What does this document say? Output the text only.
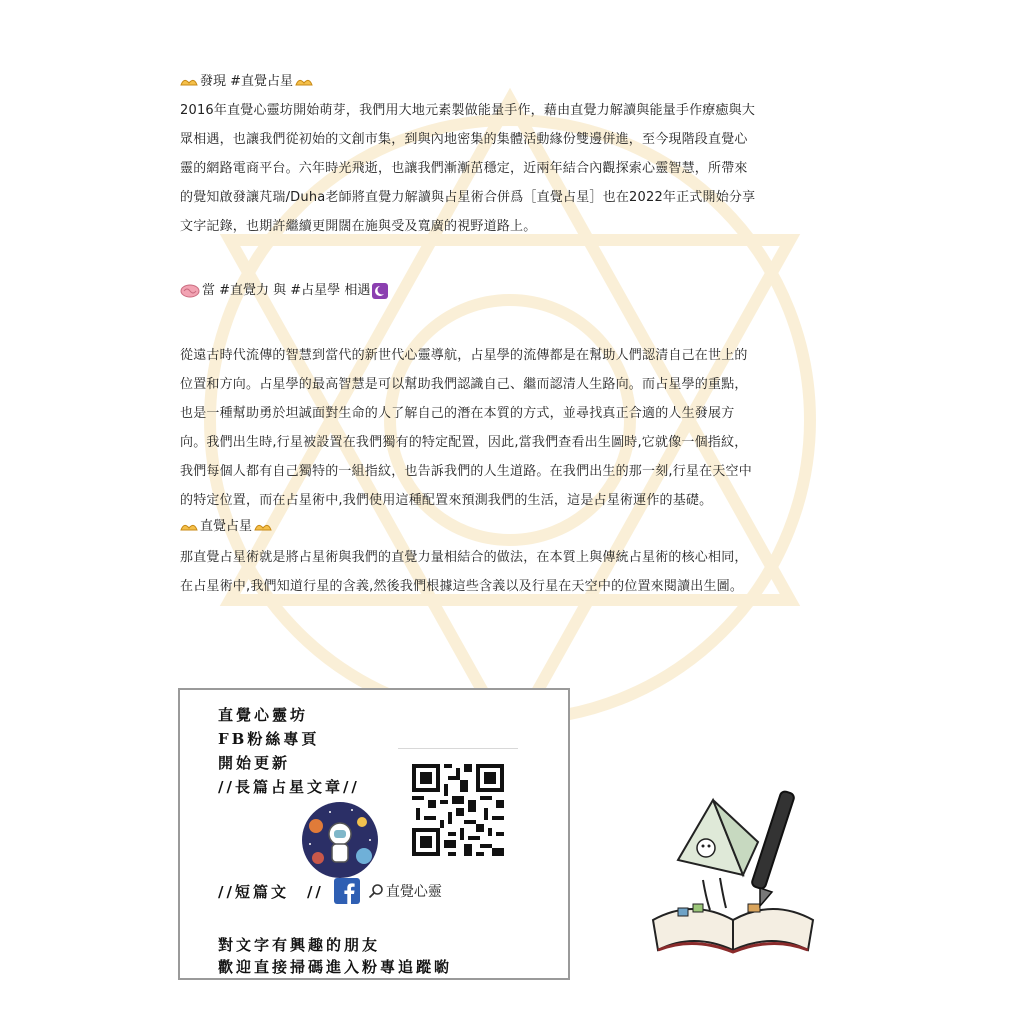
發現 #直覺占星

2016年直覺心靈坊開始萌芽，我們用大地元素製做能量手作，藉由直覺力解讀與能量手作療癒與大

眾相遇，也讓我們從初始的文創市集，到與內地密集的集體活動緣份雙邊併進，至今現階段直覺心

靈的網路電商平台。六年時光飛逝，也讓我們漸漸茁穩定，近兩年結合內觀探索心靈智慧，所帶來

的覺知啟發讓芃瑞/Duha老師將直覺力解讀與占星術合併爲［直覺占星］也在2022年正式開始分享

文字記錄，也期許繼續更開闊在施與受及寬廣的視野道路上。

當 #直覺力 與 #占星學 相遇

從遠古時代流傳的智慧到當代的新世代心靈導航，占星學的流傳都是在幫助人們認清自己在世上的

位置和方向。占星學的最高智慧是可以幫助我們認識自己、繼而認清人生路向。而占星學的重點，

也是一種幫助勇於坦誠面對生命的人了解自己的潛在本質的方式，並尋找真正合適的人生發展方

向。我們出生時,行星被設置在我們獨有的特定配置，因此,當我們查看出生圖時,它就像一個指紋，

我們每個人都有自己獨特的一組指紋，也告訴我們的人生道路。在我們出生的那一刻,行星在天空中

的特定位置，而在占星術中,我們使用這種配置來預測我們的生活，這是占星術運作的基礎。

直覺占星

那直覺占星術就是將占星術與我們的直覺力量相結合的做法，在本質上與傳統占星術的核心相同，

在占星術中,我們知道行星的含義,然後我們根據這些含義以及行星在天空中的位置來閱讀出生圖。

直覺心靈坊
FB粉絲專頁
開始更新
//長篇占星文章//
//短篇文　//	直覺心靈
對文字有興趣的朋友
歡迎直接掃碼進入粉專追蹤喲
